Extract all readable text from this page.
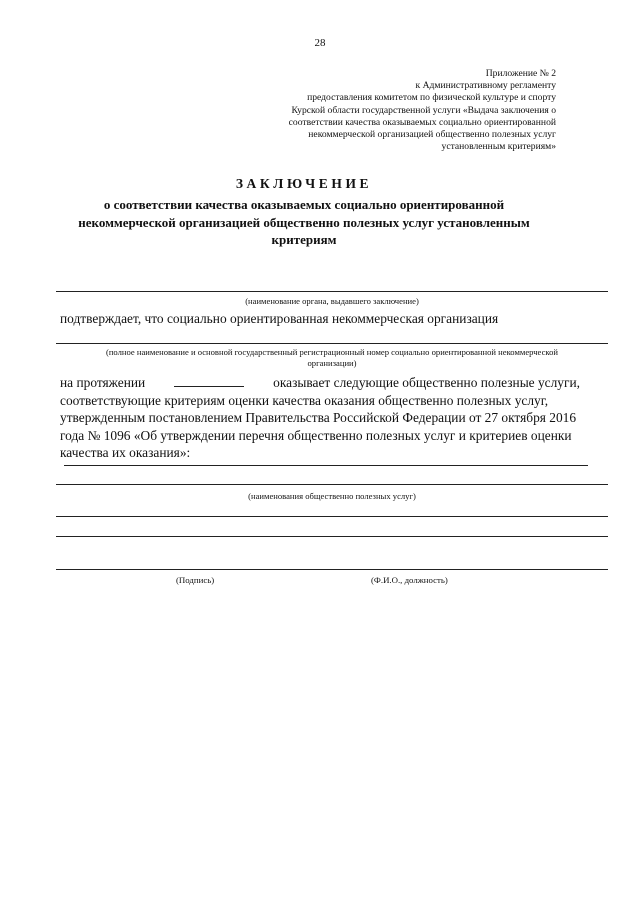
28
Приложение № 2
к Административному регламенту
предоставления комитетом по физической культуре и спорту
Курской области государственной услуги «Выдача заключения о
соответствии качества оказываемых социально ориентированной
некоммерческой организацией общественно полезных услуг
установленным критериям»
ЗАКЛЮЧЕНИЕ
о соответствии качества оказываемых социально ориентированной
некоммерческой организацией общественно полезных услуг установленным
критериям
(наименование органа, выдавшего заключение)
подтверждает, что социально ориентированная некоммерческая организация
(полное наименование и основной государственный регистрационный номер социально ориентированной некоммерческой
организации)
на протяжении	оказывает следующие общественно полезные услуги,
соответствующие критериям оценки качества оказания общественно полезных услуг,
утвержденным постановлением Правительства Российской Федерации от 27 октября 2016
года № 1096 «Об утверждении перечня общественно полезных услуг и критериев оценки
качества их оказания»:
(наименования общественно полезных услуг)
(Подпись)	(Ф.И.О., должность)
